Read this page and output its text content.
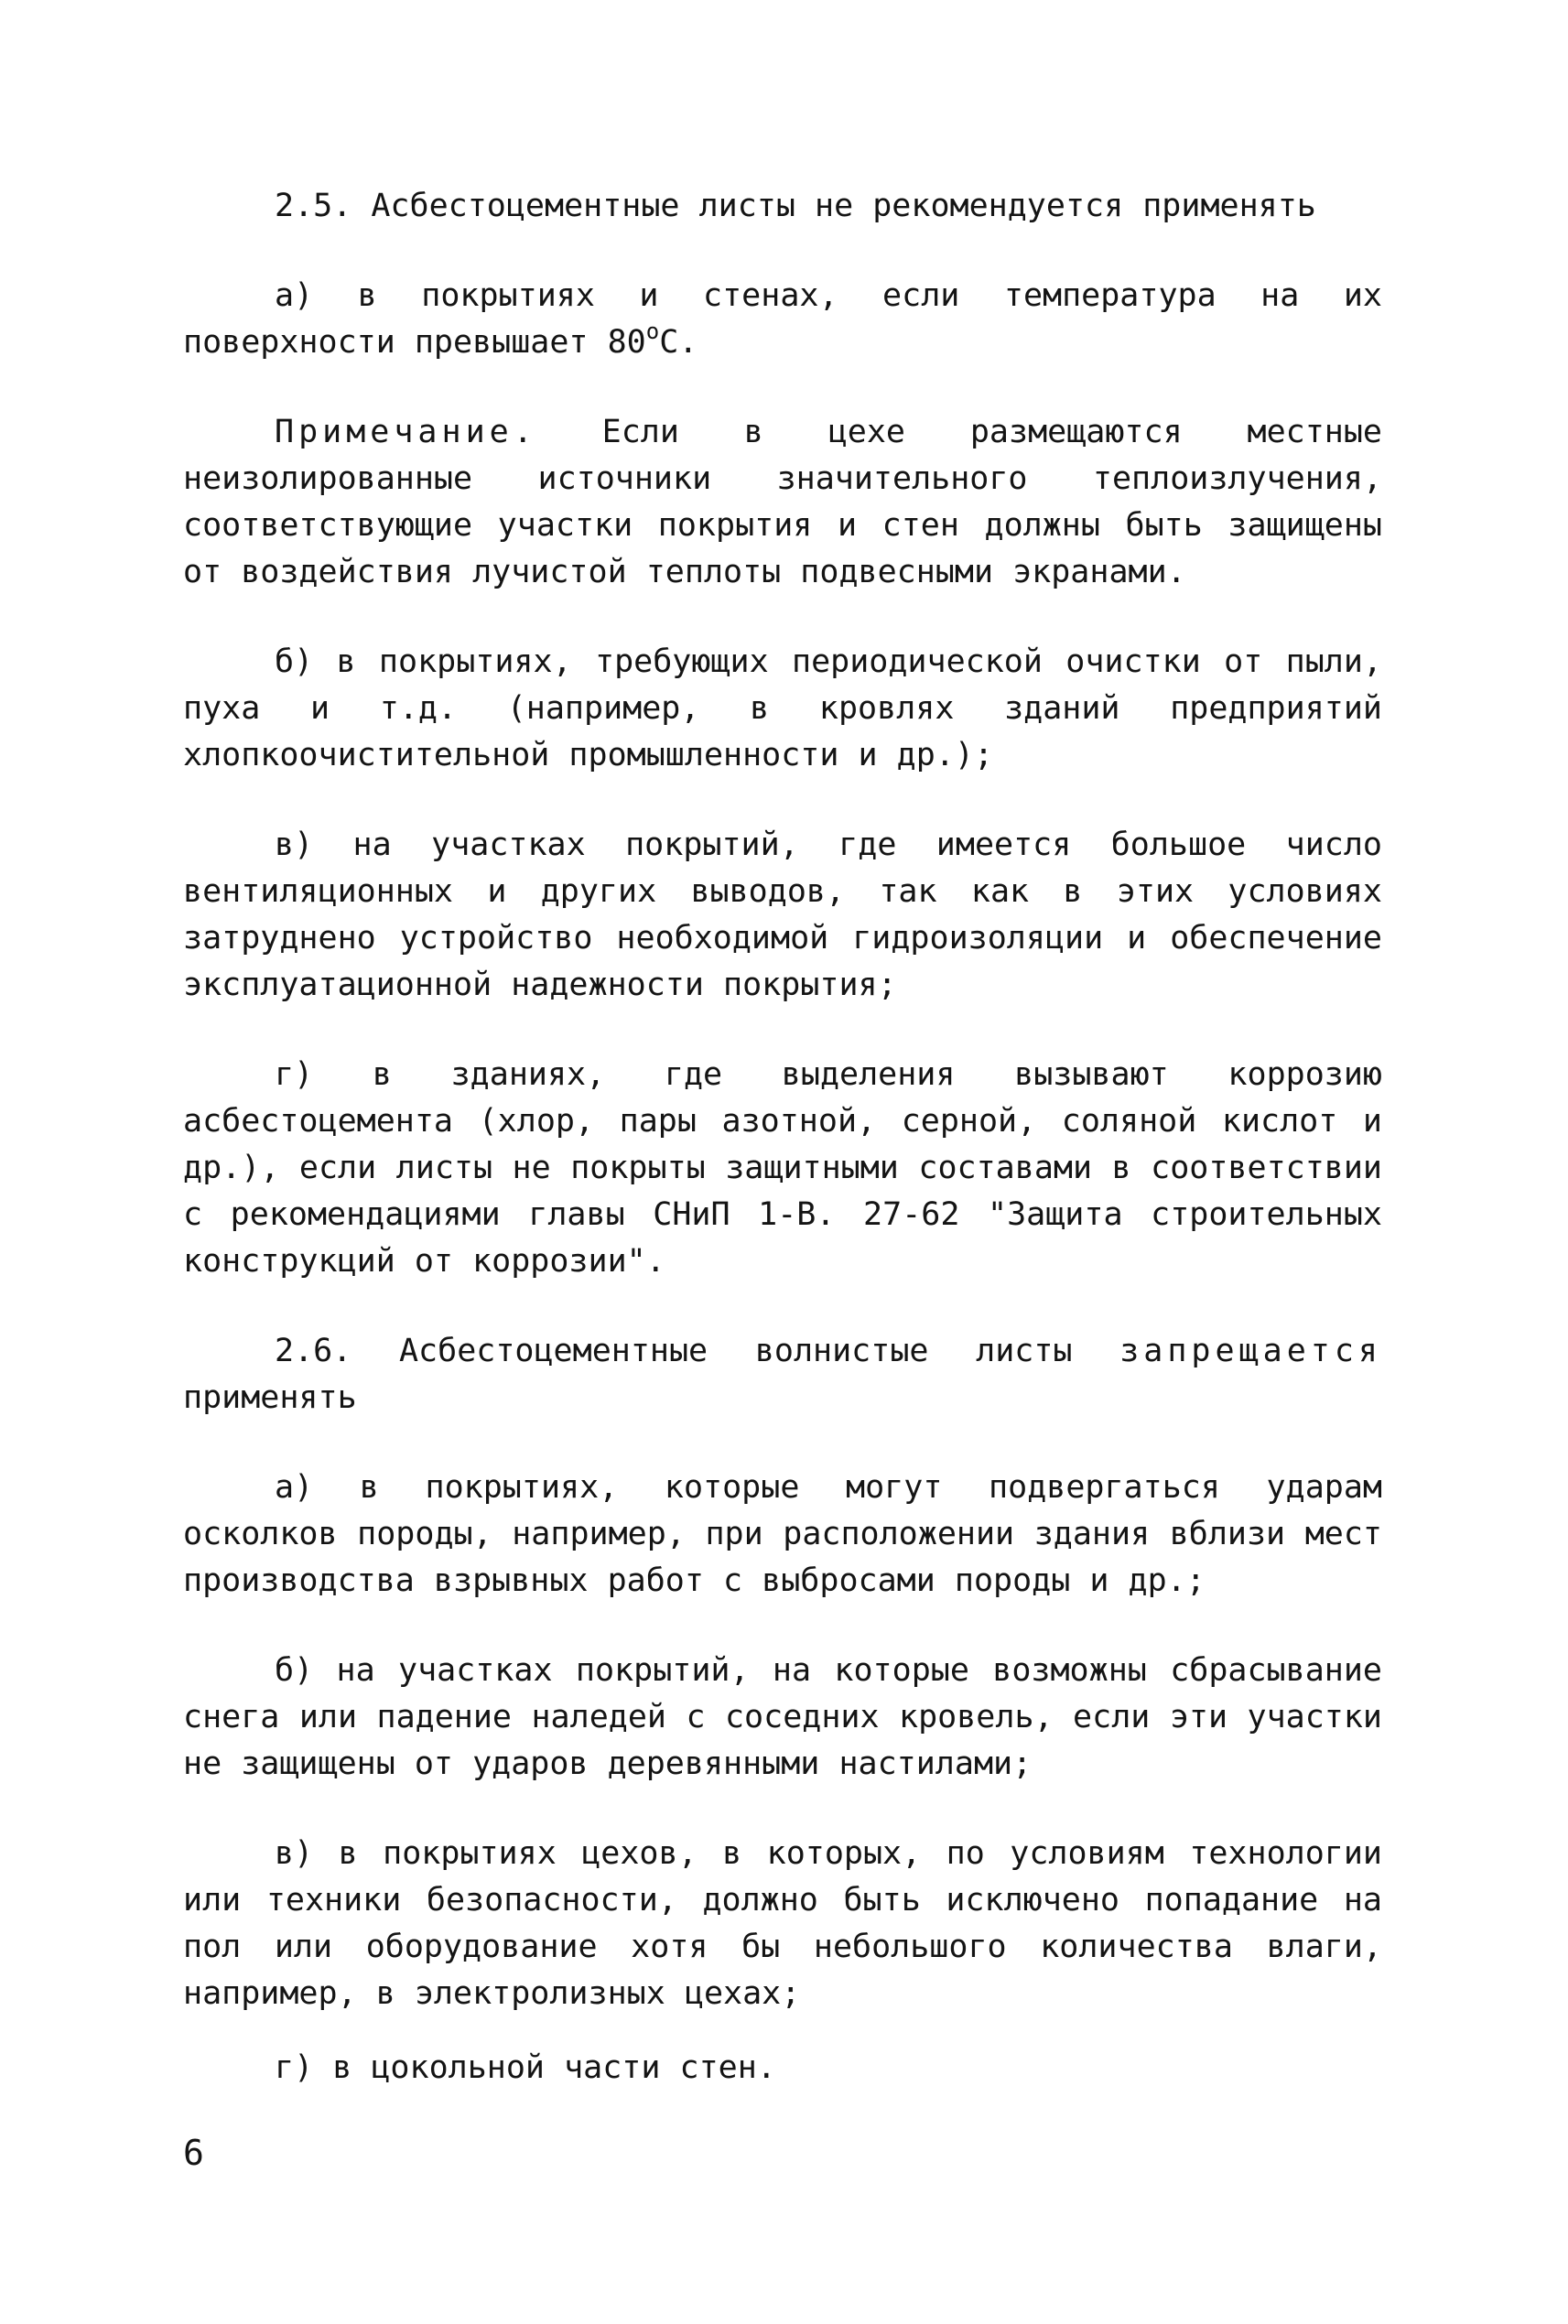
2.5. Асбестоцементные листы не рекомендуется применять

а) в покрытиях и стенах, если температура на их поверхности превышает $80^оС$.

Примечание. Если в цехе размещаются местные неизолированные источники значительного теплоизлучения, соответствующие участки покрытия и стен должны быть защищены от воздействия лучистой теплоты подвесными экранами.

б) в покрытиях, требующих периодической очистки от пыли, пуха и т.д. (например, в кровлях зданий предприятий хлопкоочистительной промышленности и др.);

в) на участках покрытий, где имеется большое число вентиляционных и других выводов, так как в этих условиях затруднено устройство необходимой гидроизоляции и обеспечение эксплуатационной надежности покрытия;

г) в зданиях, где выделения вызывают коррозию асбестоцемента (хлор, пары азотной, серной, соляной кислот и др.), если листы не покрыты защитными составами в соответствии с рекомендациями главы СНиП 1-В. 27-62 "Защита строительных конструкций от коррозии".

2.6. Асбестоцементные волнистые листы запрещается применять

а) в покрытиях, которые могут подвергаться ударам осколков породы, например, при расположении здания вблизи мест производства взрывных работ с выбросами породы и др.;

б) на участках покрытий, на которые возможны сбрасывание снега или падение наледей с соседних кровель, если эти участки не защищены от ударов деревянными настилами;

в) в покрытиях цехов, в которых, по условиям технологии или техники безопасности, должно быть исключено попадание на пол или оборудование хотя бы небольшого количества влаги, например, в электролизных цехах;

г) в цокольной части стен.

6
